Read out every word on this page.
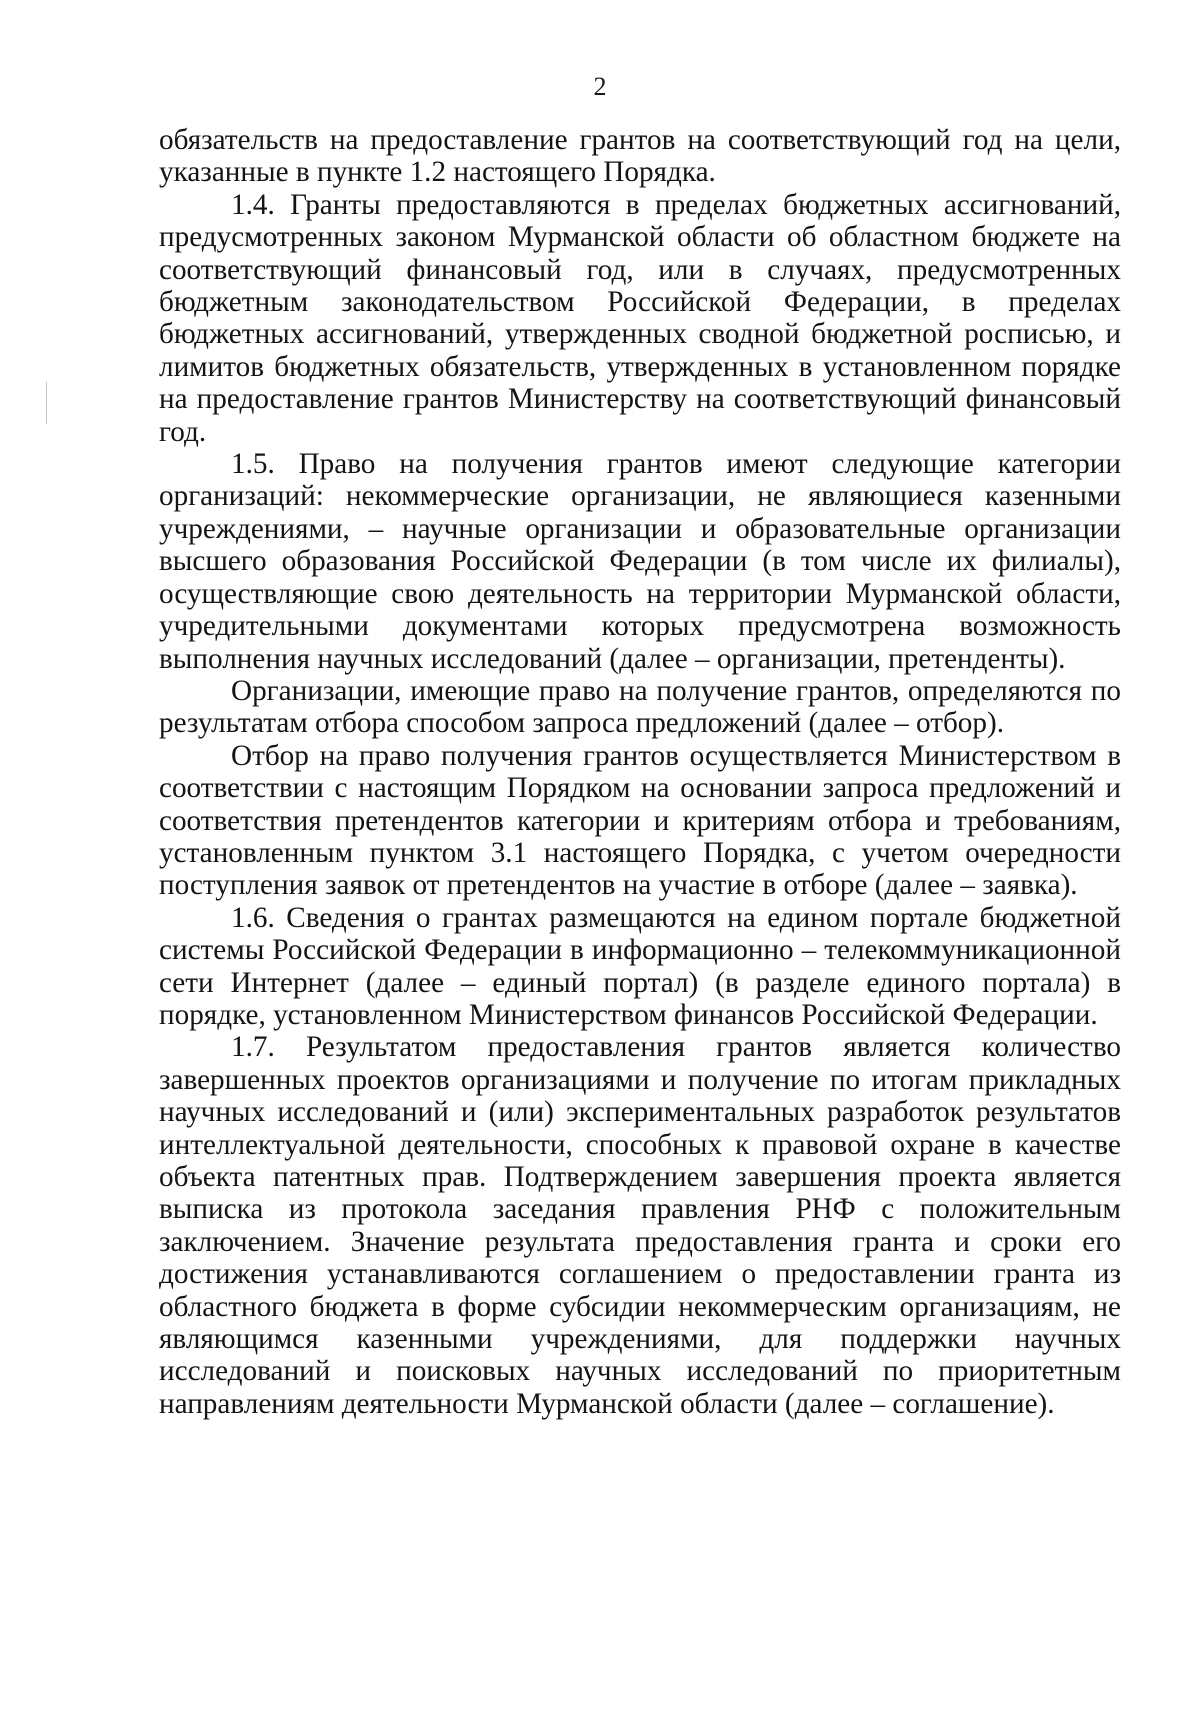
2

обязательств на предоставление грантов на соответствующий год на цели, указанные в пункте 1.2 настоящего Порядка.

1.4. Гранты предоставляются в пределах бюджетных ассигнований, предусмотренных законом Мурманской области об областном бюджете на соответствующий финансовый год, или в случаях, предусмотренных бюджетным законодательством Российской Федерации, в пределах бюджетных ассигнований, утвержденных сводной бюджетной росписью, и лимитов бюджетных обязательств, утвержденных в установленном порядке на предоставление грантов Министерству на соответствующий финансовый год.

1.5. Право на получения грантов имеют следующие категории организаций: некоммерческие организации, не являющиеся казенными учреждениями, – научные организации и образовательные организации высшего образования Российской Федерации (в том числе их филиалы), осуществляющие свою деятельность на территории Мурманской области, учредительными документами которых предусмотрена возможность выполнения научных исследований (далее – организации, претенденты).

Организации, имеющие право на получение грантов, определяются по результатам отбора способом запроса предложений (далее – отбор).

Отбор на право получения грантов осуществляется Министерством в соответствии с настоящим Порядком на основании запроса предложений и соответствия претендентов категории и критериям отбора и требованиям, установленным пунктом 3.1 настоящего Порядка, с учетом очередности поступления заявок от претендентов на участие в отборе (далее – заявка).

1.6. Сведения о грантах размещаются на едином портале бюджетной системы Российской Федерации в информационно – телекоммуникационной сети Интернет (далее – единый портал) (в разделе единого портала) в порядке, установленном Министерством финансов Российской Федерации.

1.7. Результатом предоставления грантов является количество завершенных проектов организациями и получение по итогам прикладных научных исследований и (или) экспериментальных разработок результатов интеллектуальной деятельности, способных к правовой охране в качестве объекта патентных прав. Подтверждением завершения проекта является выписка из протокола заседания правления РНФ с положительным заключением. Значение результата предоставления гранта и сроки его достижения устанавливаются соглашением о предоставлении гранта из областного бюджета в форме субсидии некоммерческим организациям, не являющимся казенными учреждениями, для поддержки научных исследований и поисковых научных исследований по приоритетным направлениям деятельности Мурманской области (далее – соглашение).
